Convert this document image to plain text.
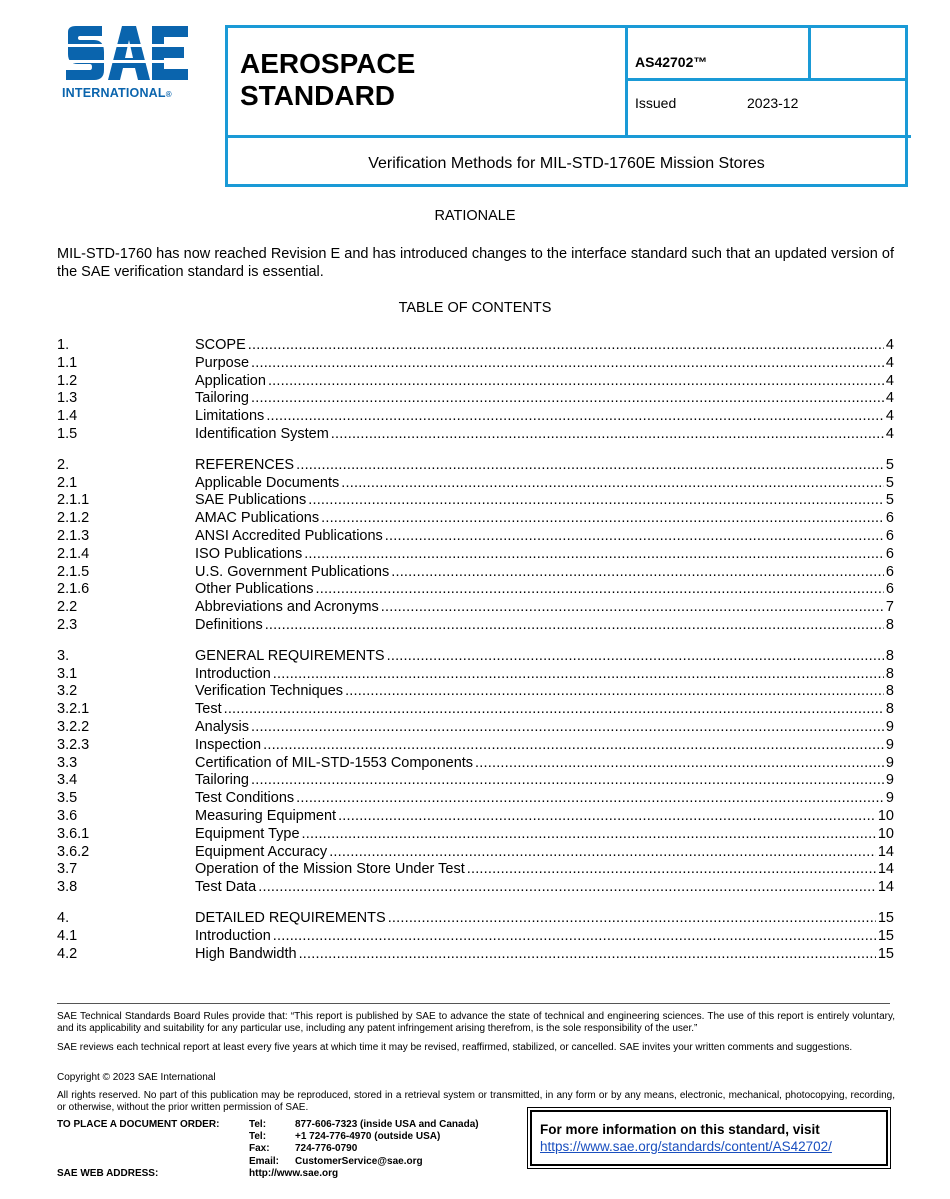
INTERNATIONAL®
AEROSPACE
STANDARD
AS42702™
Issued	2023-12
Verification Methods for MIL-STD-1760E Mission Stores
RATIONALE
MIL-STD-1760 has now reached Revision E and has introduced changes to the interface standard such that an updated version of the SAE verification standard is essential.
TABLE OF CONTENTS
1.	SCOPE .....	4
1.1	Purpose .....	4
1.2	Application .....	4
1.3	Tailoring .....	4
1.4	Limitations .....	4
1.5	Identification System .....	4
2.	REFERENCES .....	5
2.1	Applicable Documents .....	5
2.1.1	SAE Publications .....	5
2.1.2	AMAC Publications .....	6
2.1.3	ANSI Accredited Publications .....	6
2.1.4	ISO Publications .....	6
2.1.5	U.S. Government Publications .....	6
2.1.6	Other Publications .....	6
2.2	Abbreviations and Acronyms .....	7
2.3	Definitions .....	8
3.	GENERAL REQUIREMENTS .....	8
3.1	Introduction .....	8
3.2	Verification Techniques .....	8
3.2.1	Test .....	8
3.2.2	Analysis .....	9
3.2.3	Inspection .....	9
3.3	Certification of MIL-STD-1553 Components .....	9
3.4	Tailoring .....	9
3.5	Test Conditions .....	9
3.6	Measuring Equipment .....	10
3.6.1	Equipment Type .....	10
3.6.2	Equipment Accuracy .....	14
3.7	Operation of the Mission Store Under Test .....	14
3.8	Test Data .....	14
4.	DETAILED REQUIREMENTS .....	15
4.1	Introduction .....	15
4.2	High Bandwidth .....	15
SAE Technical Standards Board Rules provide that: “This report is published by SAE to advance the state of technical and engineering sciences. The use of this report is entirely voluntary, and its applicability and suitability for any particular use, including any patent infringement arising therefrom, is the sole responsibility of the user.”
SAE reviews each technical report at least every five years at which time it may be revised, reaffirmed, stabilized, or cancelled. SAE invites your written comments and suggestions.
Copyright © 2023 SAE International
All rights reserved. No part of this publication may be reproduced, stored in a retrieval system or transmitted, in any form or by any means, electronic, mechanical, photocopying, recording, or otherwise, without the prior written permission of SAE.
TO PLACE A DOCUMENT ORDER:	Tel:	877-606-7323 (inside USA and Canada)
Tel:	+1 724-776-4970 (outside USA)
Fax:	724-776-0790
Email:	CustomerService@sae.org
SAE WEB ADDRESS:	http://www.sae.org
For more information on this standard, visit
https://www.sae.org/standards/content/AS42702/
